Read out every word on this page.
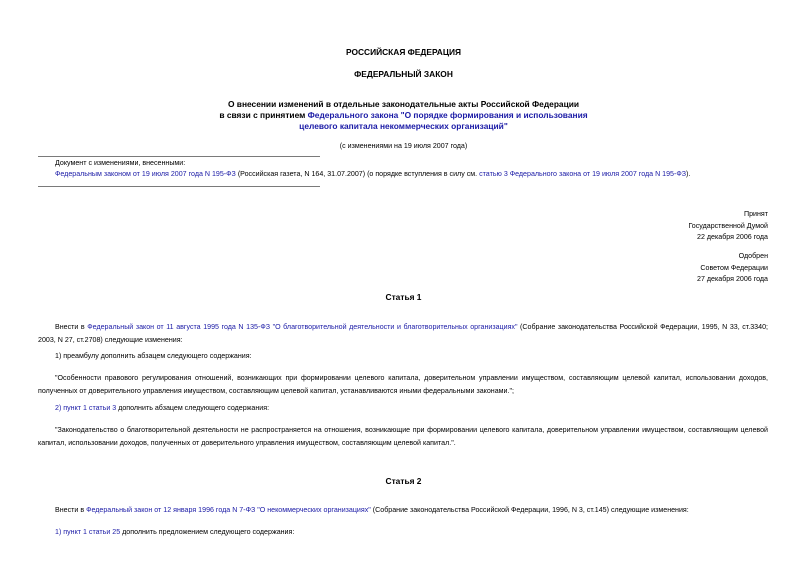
РОССИЙСКАЯ ФЕДЕРАЦИЯ
ФЕДЕРАЛЬНЫЙ ЗАКОН
О внесении изменений в отдельные законодательные акты Российской Федерации
в связи с принятием Федерального закона "О порядке формирования и использования
целевого капитала некоммерческих организаций"
(с изменениями на 19 июля 2007 года)
Документ с изменениями, внесенными:
Федеральным законом от 19 июля 2007 года N 195-ФЗ (Российская газета, N 164, 31.07.2007) (о порядке вступления в силу см. статью 3 Федерального закона от 19 июля 2007 года N 195-ФЗ).
Принят
Государственной Думой
22 декабря 2006 года
Одобрен
Советом Федерации
27 декабря 2006 года
Статья 1
Внести в Федеральный закон от 11 августа 1995 года N 135-ФЗ "О благотворительной деятельности и благотворительных организациях" (Собрание законодательства Российской Федерации, 1995, N 33, ст.3340; 2003, N 27, ст.2708) следующие изменения:
1) преамбулу дополнить абзацем следующего содержания:
"Особенности правового регулирования отношений, возникающих при формировании целевого капитала, доверительном управлении имуществом, составляющим целевой капитал, использовании доходов, полученных от доверительного управления имуществом, составляющим целевой капитал, устанавливаются иными федеральными законами.";
2) пункт 1 статьи 3 дополнить абзацем следующего содержания:
"Законодательство о благотворительной деятельности не распространяется на отношения, возникающие при формировании целевого капитала, доверительном управлении имуществом, составляющим целевой капитал, использовании доходов, полученных от доверительного управления имуществом, составляющим целевой капитал.".
Статья 2
Внести в Федеральный закон от 12 января 1996 года N 7-ФЗ "О некоммерческих организациях" (Собрание законодательства Российской Федерации, 1996, N 3, ст.145) следующие изменения:
1) пункт 1 статьи 25 дополнить предложением следующего содержания:
